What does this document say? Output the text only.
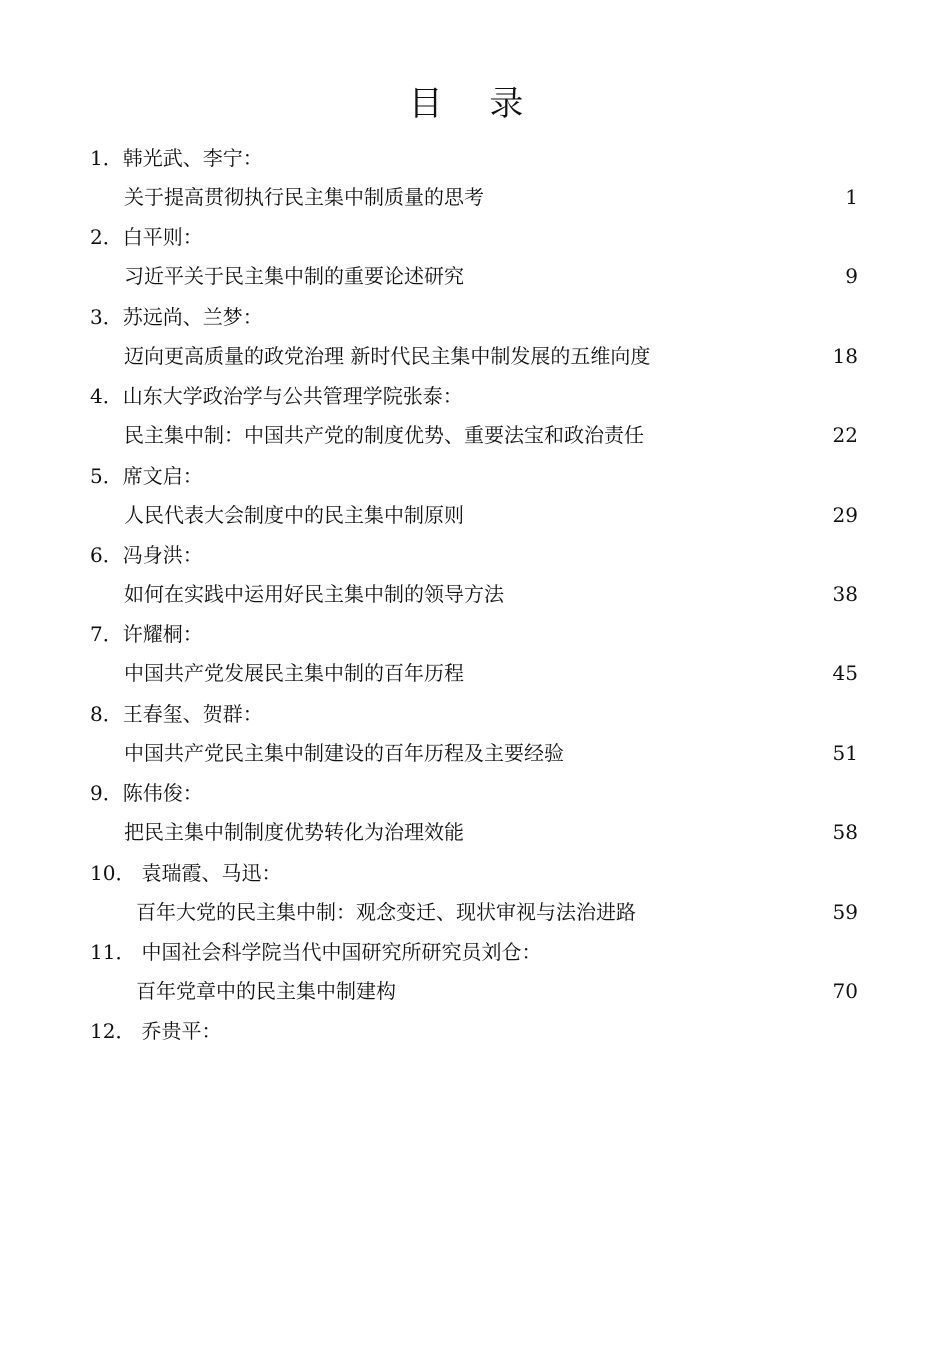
目 录
1．韩光武、李宁：
关于提高贯彻执行民主集中制质量的思考	1
2．白平则：
习近平关于民主集中制的重要论述研究	9
3．苏远尚、兰梦：
迈向更高质量的政党治理 新时代民主集中制发展的五维向度	18
4．山东大学政治学与公共管理学院张泰：
民主集中制：中国共产党的制度优势、重要法宝和政治责任	22
5．席文启：
人民代表大会制度中的民主集中制原则	29
6．冯身洪：
如何在实践中运用好民主集中制的领导方法	38
7．许耀桐：
中国共产党发展民主集中制的百年历程	45
8．王春玺、贺群：
中国共产党民主集中制建设的百年历程及主要经验	51
9．陈伟俊：
把民主集中制制度优势转化为治理效能	58
10． 袁瑞霞、马迅：
百年大党的民主集中制：观念变迁、现状审视与法治进路	59
11． 中国社会科学院当代中国研究所研究员刘仓：
百年党章中的民主集中制建构	70
12． 乔贵平：
